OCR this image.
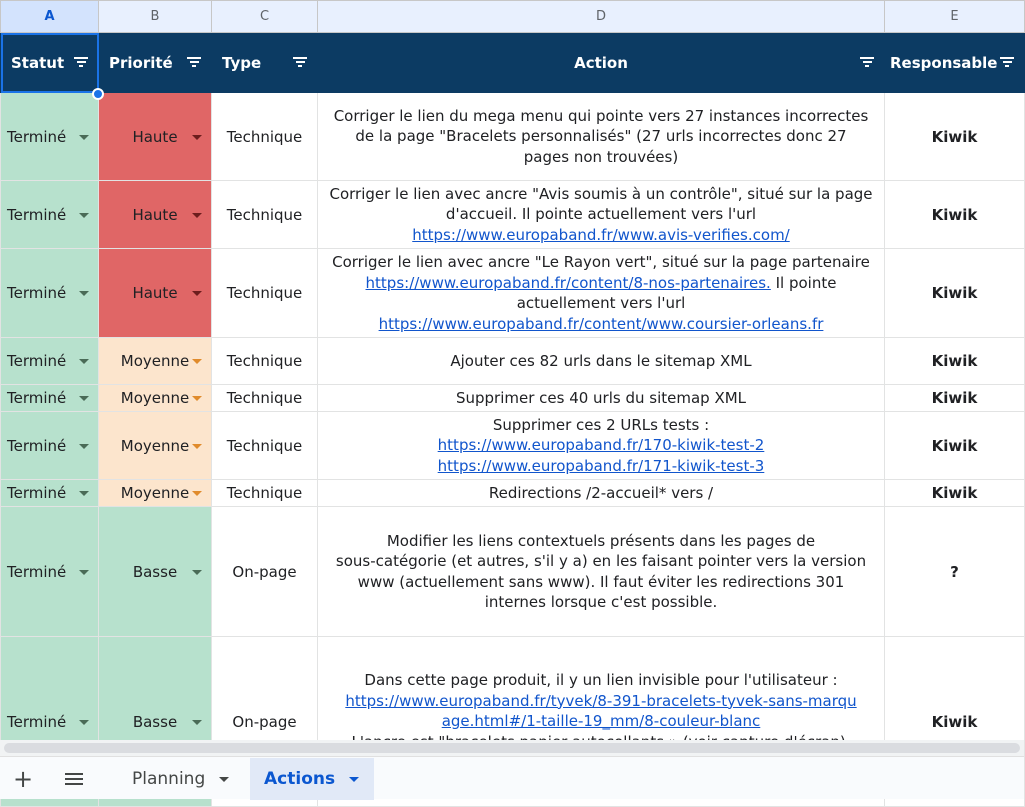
A	B	C	D	E

Statut	Priorité	Type	Action	Responsable

Terminé	Haute	Technique	Corriger le lien du mega menu qui pointe vers 27 instances incorrectes
de la page "Bracelets personnalisés" (27 urls incorrectes donc 27
pages non trouvées)	Kiwik
Terminé	Haute	Technique	Corriger le lien avec ancre "Avis soumis à un contrôle", situé sur la page
d'accueil. Il pointe actuellement vers l'url
https://www.europaband.fr/www.avis-verifies.com/	Kiwik
Terminé	Haute	Technique	Corriger le lien avec ancre "Le Rayon vert", situé sur la page partenaire
https://www.europaband.fr/content/8-nos-partenaires. Il pointe
actuellement vers l'url
https://www.europaband.fr/content/www.coursier-orleans.fr	Kiwik
Terminé	Moyenne	Technique	Ajouter ces 82 urls dans le sitemap XML	Kiwik
Terminé	Moyenne	Technique	Supprimer ces 40 urls du sitemap XML	Kiwik
Terminé	Moyenne	Technique	Supprimer ces 2 URLs tests :
https://www.europaband.fr/170-kiwik-test-2
https://www.europaband.fr/171-kiwik-test-3	Kiwik
Terminé	Moyenne	Technique	Redirections /2-accueil* vers /	Kiwik
Terminé	Basse	On-page	Modifier les liens contextuels présents dans les pages de
sous-catégorie (et autres, s'il y a) en les faisant pointer vers la version
www (actuellement sans www). Il faut éviter les redirections 301
internes lorsque c'est possible.	?
Terminé	Basse	On-page	Dans cette page produit, il y un lien invisible pour l'utilisateur :
https://www.europaband.fr/tyvek/8-391-bracelets-tyvek-sans-marqu
age.html#/1-taille-19_mm/8-couleur-blanc	Kiwik
+	Planning	Actions
